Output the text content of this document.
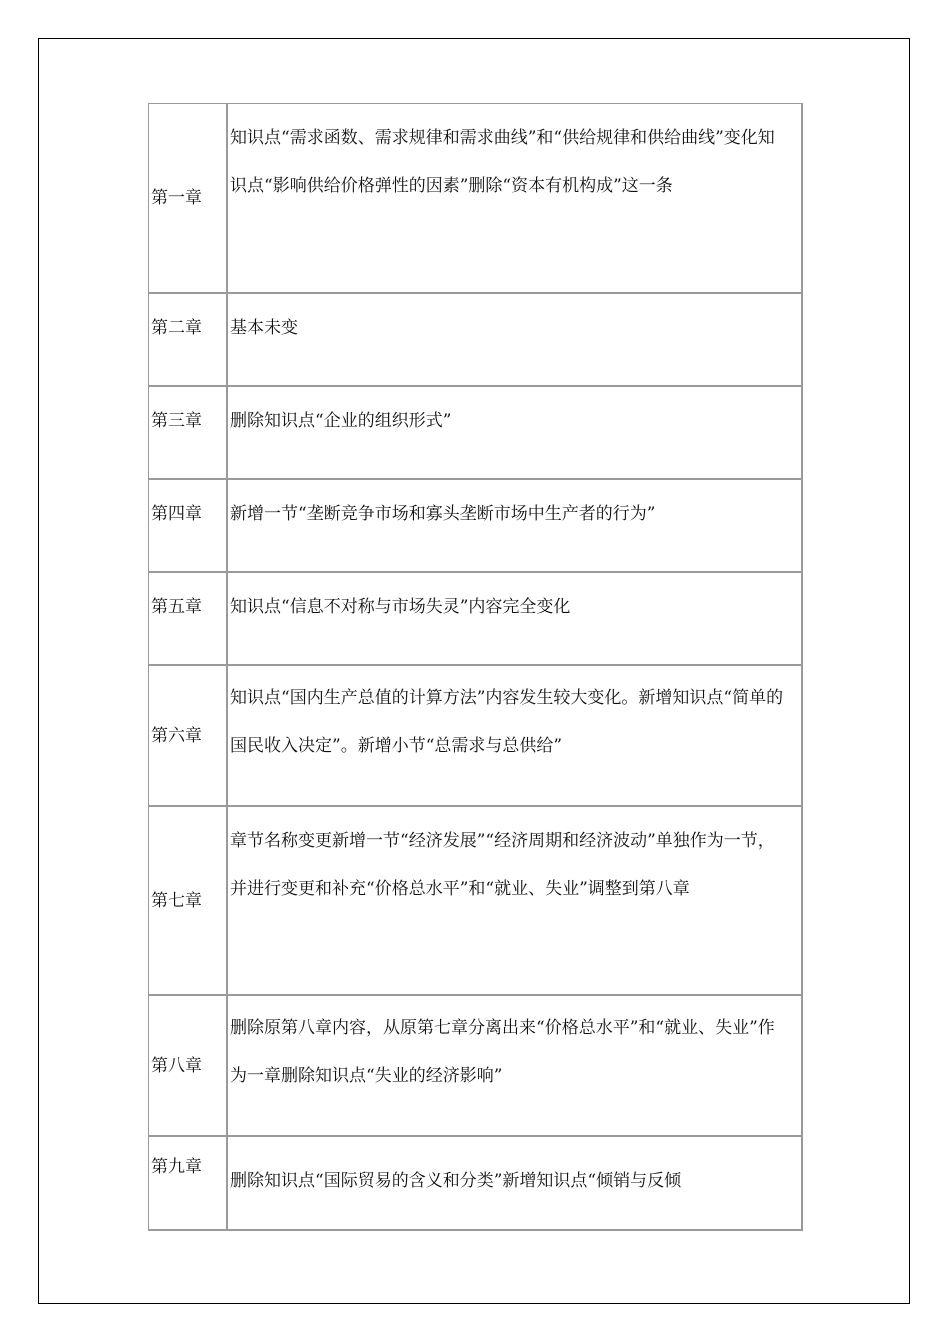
第一章	知识点“需求函数、需求规律和需求曲线”和“供给规律和供给曲线”变化知识点“影响供给价格弹性的因素”删除“资本有机构成”这一条
第二章	基本未变
第三章	删除知识点“企业的组织形式”
第四章	新增一节“垄断竞争市场和寡头垄断市场中生产者的行为”
第五章	知识点“信息不对称与市场失灵”内容完全变化
第六章	知识点“国内生产总值的计算方法”内容发生较大变化。新增知识点“简单的国民收入决定”。新增小节“总需求与总供给”
第七章	章节名称变更新增一节“经济发展”“经济周期和经济波动”单独作为一节，并进行变更和补充“价格总水平”和“就业、失业”调整到第八章
第八章	删除原第八章内容，从原第七章分离出来“价格总水平”和“就业、失业”作为一章删除知识点“失业的经济影响”
第九章	删除知识点“国际贸易的含义和分类”新增知识点“倾销与反倾
